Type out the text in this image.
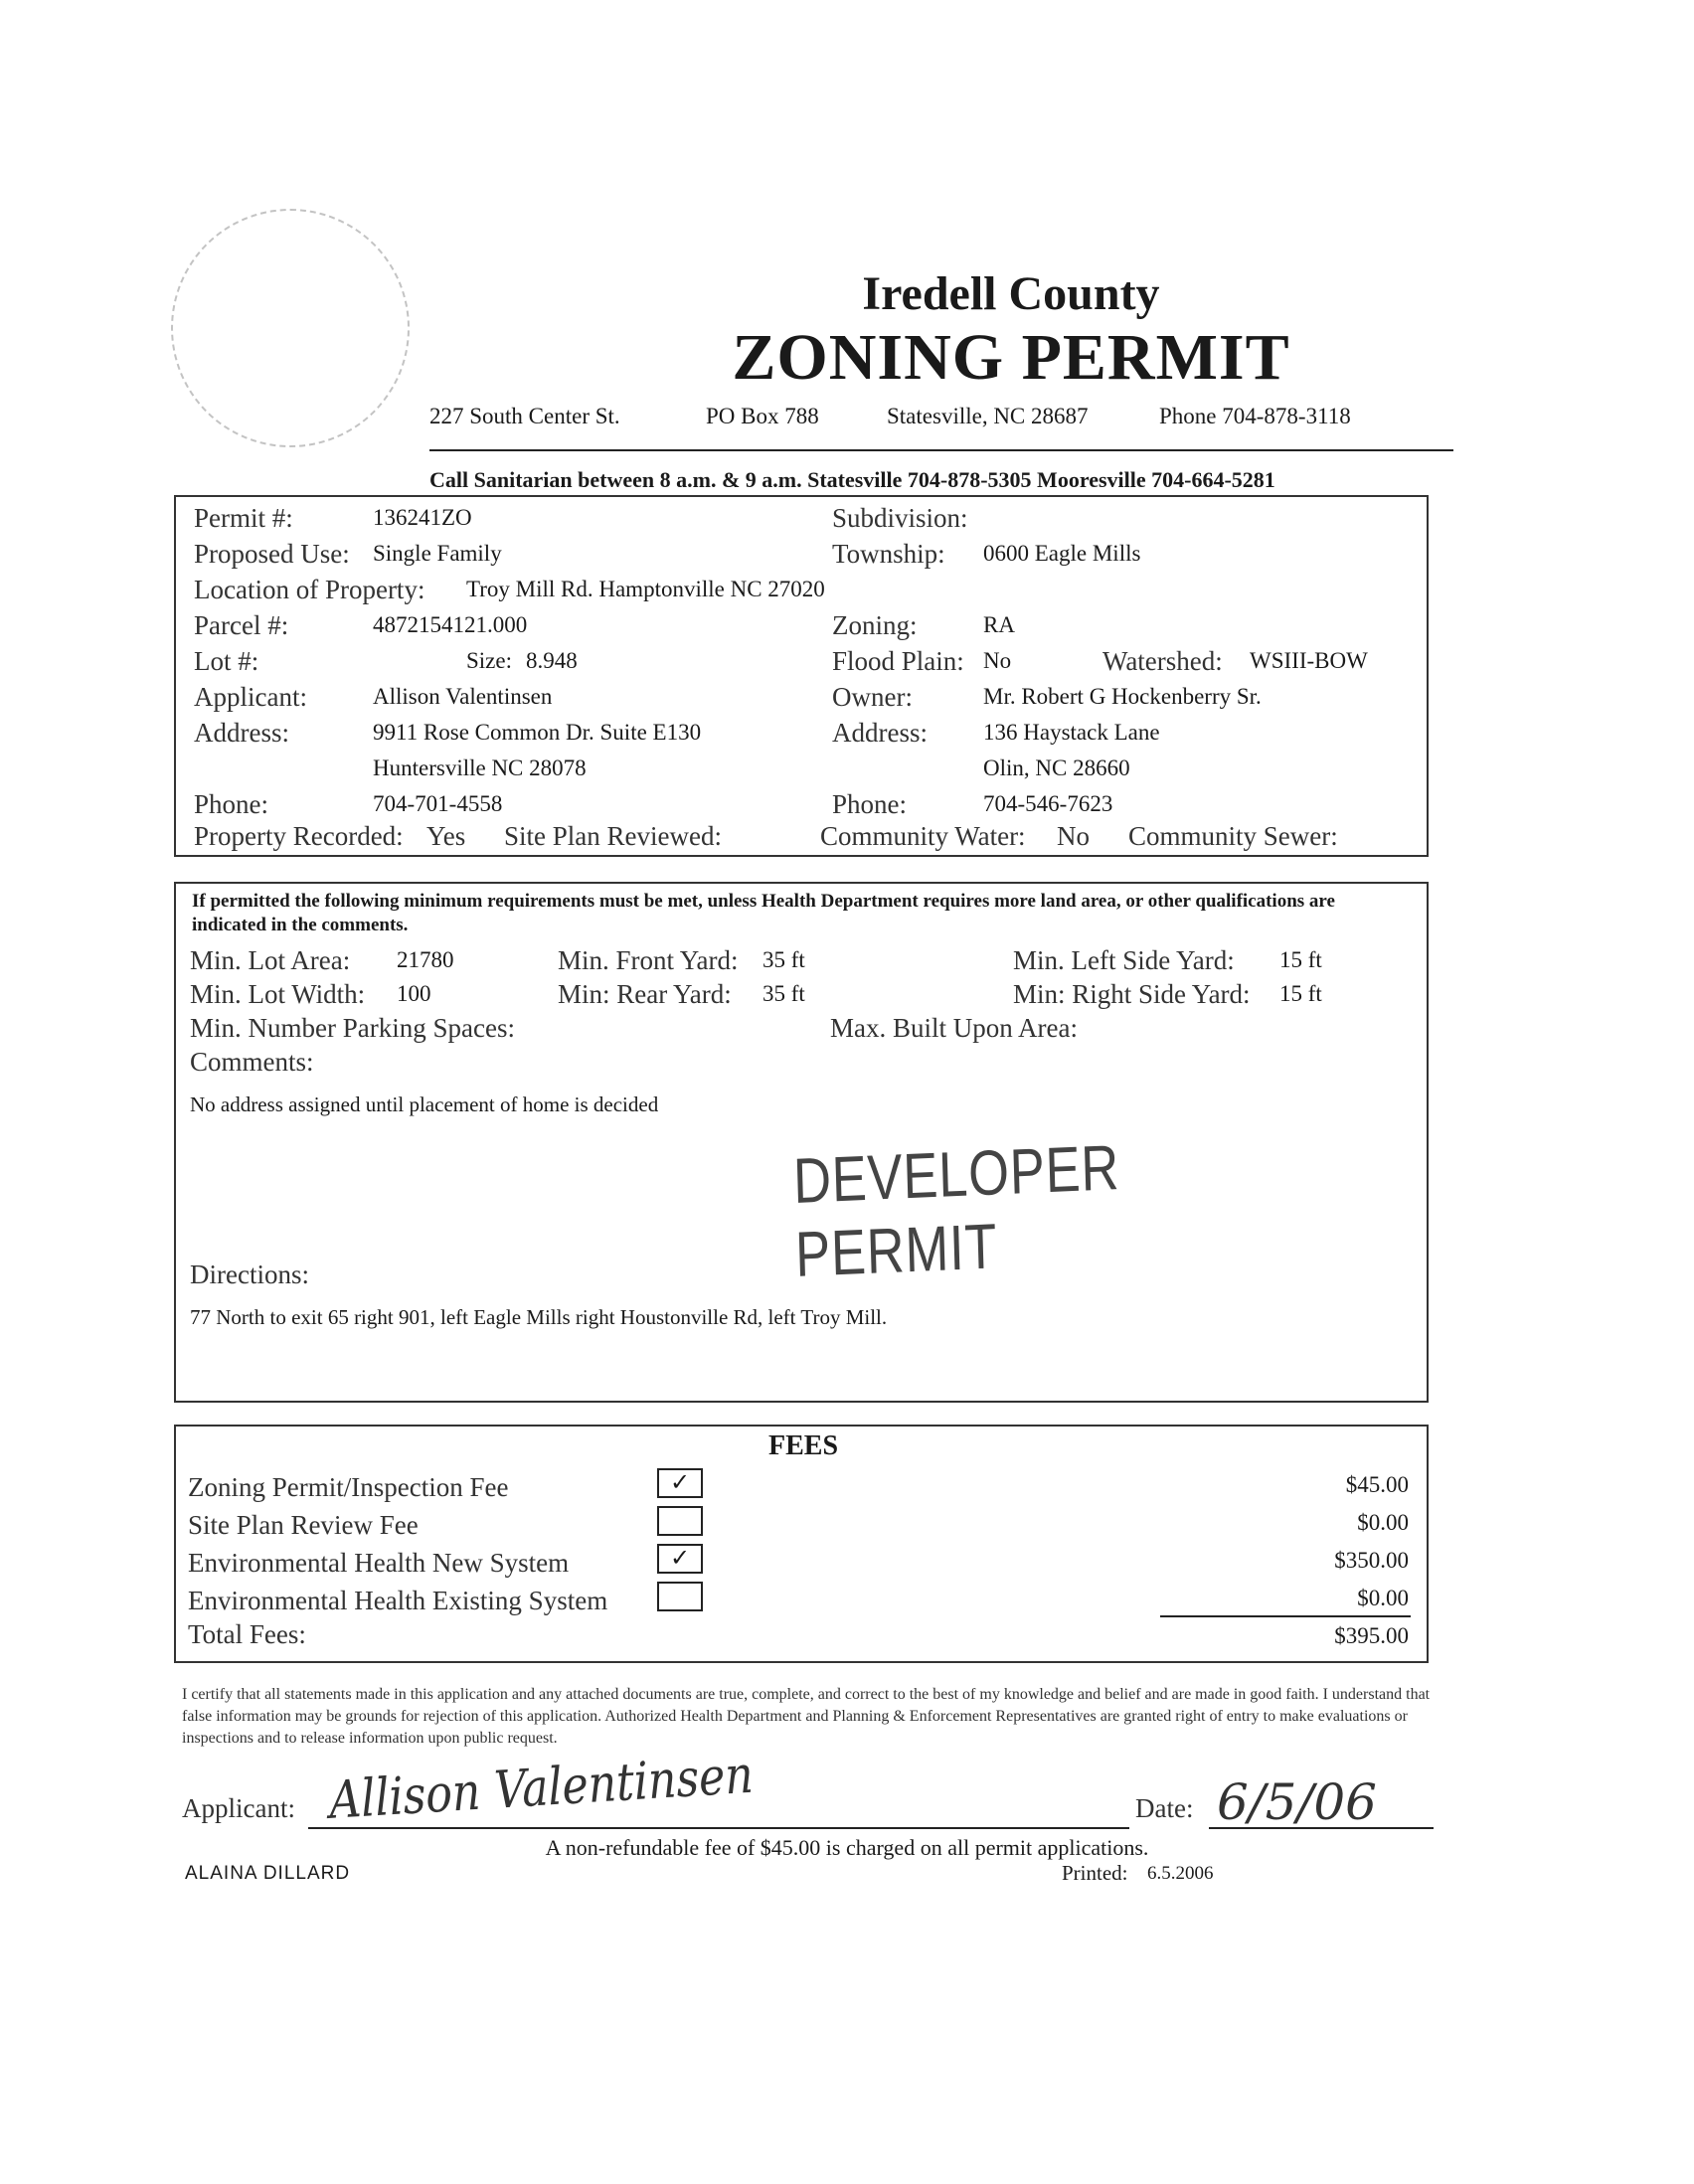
Iredell County
ZONING PERMIT
227 South Center St.	PO Box 788	Statesville, NC 28687	Phone 704-878-3118
Call Sanitarian between 8 a.m. & 9 a.m. Statesville 704-878-5305 Mooresville 704-664-5281
Permit #:	136241ZO	Subdivision:
Proposed Use: Single Family	Township: 0600 Eagle Mills
Location of Property: Troy Mill Rd. Hamptonville NC 27020
Parcel #:	4872154121.000	Zoning:	RA
Lot #:	Size: 8.948	Flood Plain: No	Watershed: WSIII-BOW
Applicant:	Allison Valentinsen	Owner:	Mr. Robert G Hockenberry Sr.
Address:	9911 Rose Common Dr. Suite E130	Address: 136 Haystack Lane
Huntersville NC 28078	Olin, NC 28660
Phone:	704-701-4558	Phone:	704-546-7623
Property Recorded: Yes Site Plan Reviewed:	Community Water: No Community Sewer:
If permitted the following minimum requirements must be met, unless Health Department requires more land area, or other qualifications are indicated in the comments.
Min. Lot Area: 21780	Min. Front Yard: 35 ft	Min. Left Side Yard: 15 ft
Min. Lot Width: 100	Min: Rear Yard: 35 ft	Min: Right Side Yard: 15 ft
Min. Number Parking Spaces:	Max. Built Upon Area:
Comments:
No address assigned until placement of home is decided
DEVELOPER PERMIT
Directions:
77 North to exit 65 right 901, left Eagle Mills right Houstonville Rd, left Troy Mill.
FEES
Zoning Permit/Inspection Fee	✓	$45.00
Site Plan Review Fee	$0.00
Environmental Health New System	✓	$350.00
Environmental Health Existing System	$0.00
Total Fees:	$395.00
I certify that all statements made in this application and any attached documents are true, complete, and correct to the best of my knowledge and belief and are made in good faith. I understand that false information may be grounds for rejection of this application. Authorized Health Department and Planning & Enforcement Representatives are granted right of entry to make evaluations or inspections and to release information upon public request.
Applicant: Allison Valentinsen	Date: 6/5/06
A non-refundable fee of $45.00 is charged on all permit applications.
ALAINA DILLARD	Printed: 6.5.2006
